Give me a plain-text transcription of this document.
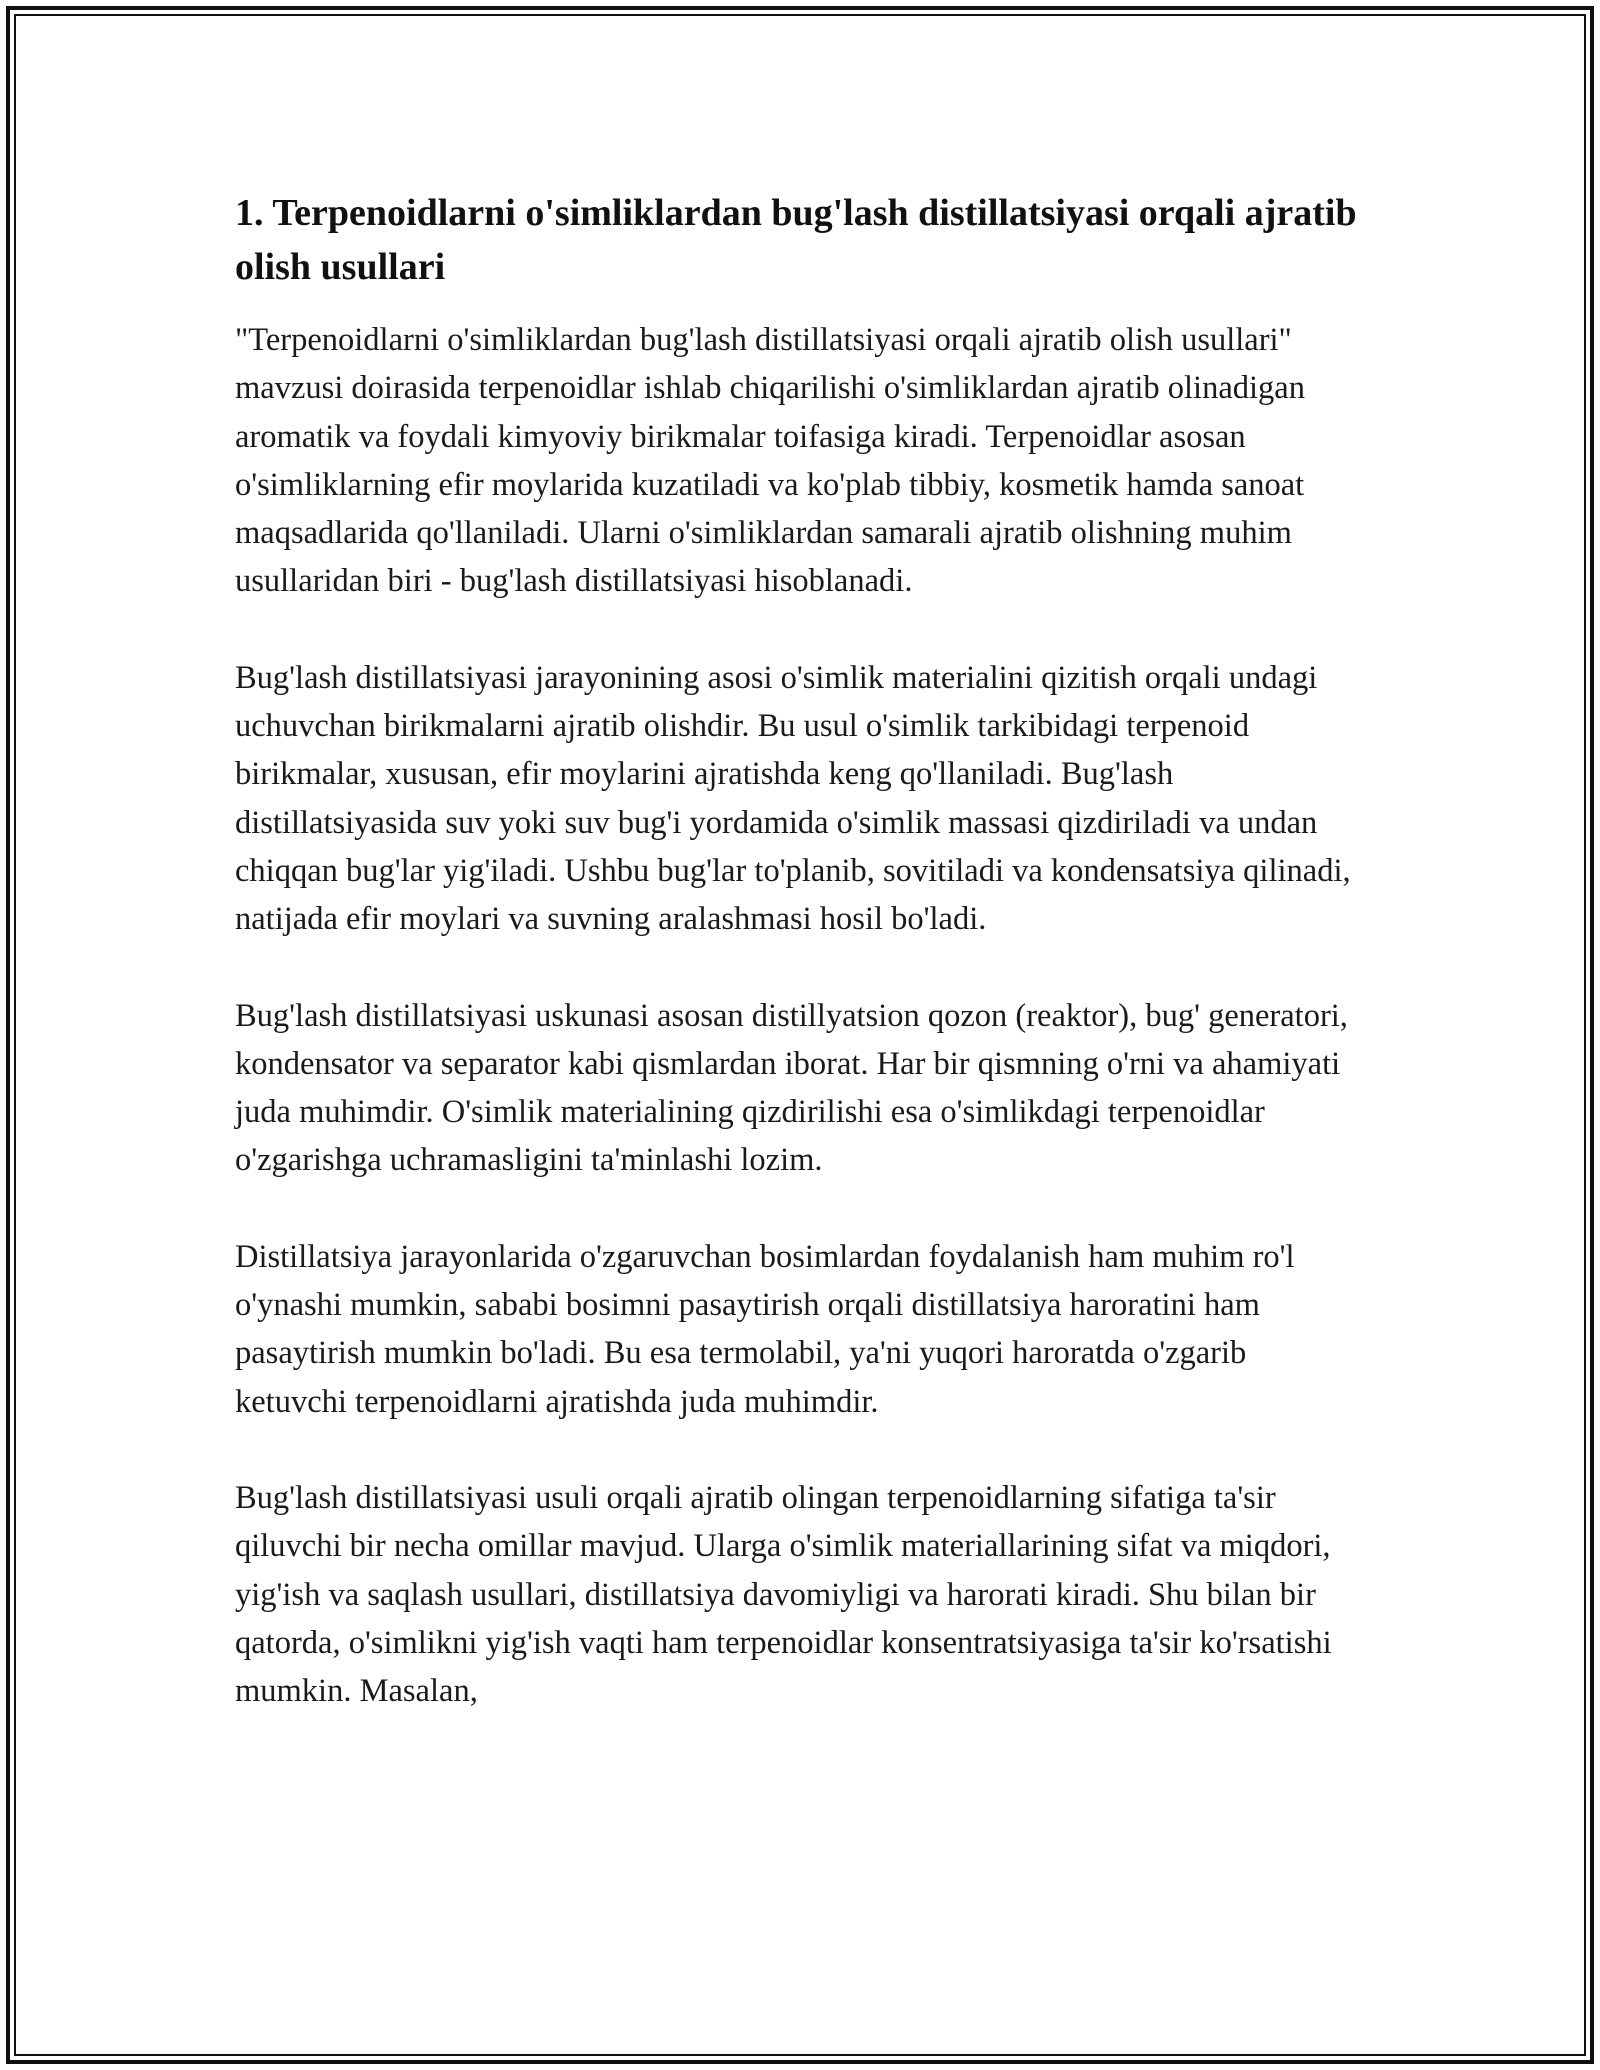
1. Terpenoidlarni o'simliklardan bug'lash distillatsiyasi orqali ajratib olish usullari

"Terpenoidlarni o'simliklardan bug'lash distillatsiyasi orqali ajratib olish usullari" mavzusi doirasida terpenoidlar ishlab chiqarilishi o'simliklardan ajratib olinadigan aromatik va foydali kimyoviy birikmalar toifasiga kiradi. Terpenoidlar asosan o'simliklarning efir moylarida kuzatiladi va ko'plab tibbiy, kosmetik hamda sanoat maqsadlarida qo'llaniladi. Ularni o'simliklardan samarali ajratib olishning muhim usullaridan biri - bug'lash distillatsiyasi hisoblanadi.

Bug'lash distillatsiyasi jarayonining asosi o'simlik materialini qizitish orqali undagi uchuvchan birikmalarni ajratib olishdir. Bu usul o'simlik tarkibidagi terpenoid birikmalar, xususan, efir moylarini ajratishda keng qo'llaniladi. Bug'lash distillatsiyasida suv yoki suv bug'i yordamida o'simlik massasi qizdiriladi va undan chiqqan bug'lar yig'iladi. Ushbu bug'lar to'planib, sovitiladi va kondensatsiya qilinadi, natijada efir moylari va suvning aralashmasi hosil bo'ladi.

Bug'lash distillatsiyasi uskunasi asosan distillyatsion qozon (reaktor), bug' generatori, kondensator va separator kabi qismlardan iborat. Har bir qismning o'rni va ahamiyati juda muhimdir. O'simlik materialining qizdirilishi esa o'simlikdagi terpenoidlar o'zgarishga uchramasligini ta'minlashi lozim.

Distillatsiya jarayonlarida o'zgaruvchan bosimlardan foydalanish ham muhim ro'l o'ynashi mumkin, sababi bosimni pasaytirish orqali distillatsiya haroratini ham pasaytirish mumkin bo'ladi. Bu esa termolabil, ya'ni yuqori haroratda o'zgarib ketuvchi terpenoidlarni ajratishda juda muhimdir.

Bug'lash distillatsiyasi usuli orqali ajratib olingan terpenoidlarning sifatiga ta'sir qiluvchi bir necha omillar mavjud. Ularga o'simlik materiallarining sifat va miqdori, yig'ish va saqlash usullari, distillatsiya davomiyligi va harorati kiradi. Shu bilan bir qatorda, o'simlikni yig'ish vaqti ham terpenoidlar konsentratsiyasiga ta'sir ko'rsatishi mumkin. Masalan,
